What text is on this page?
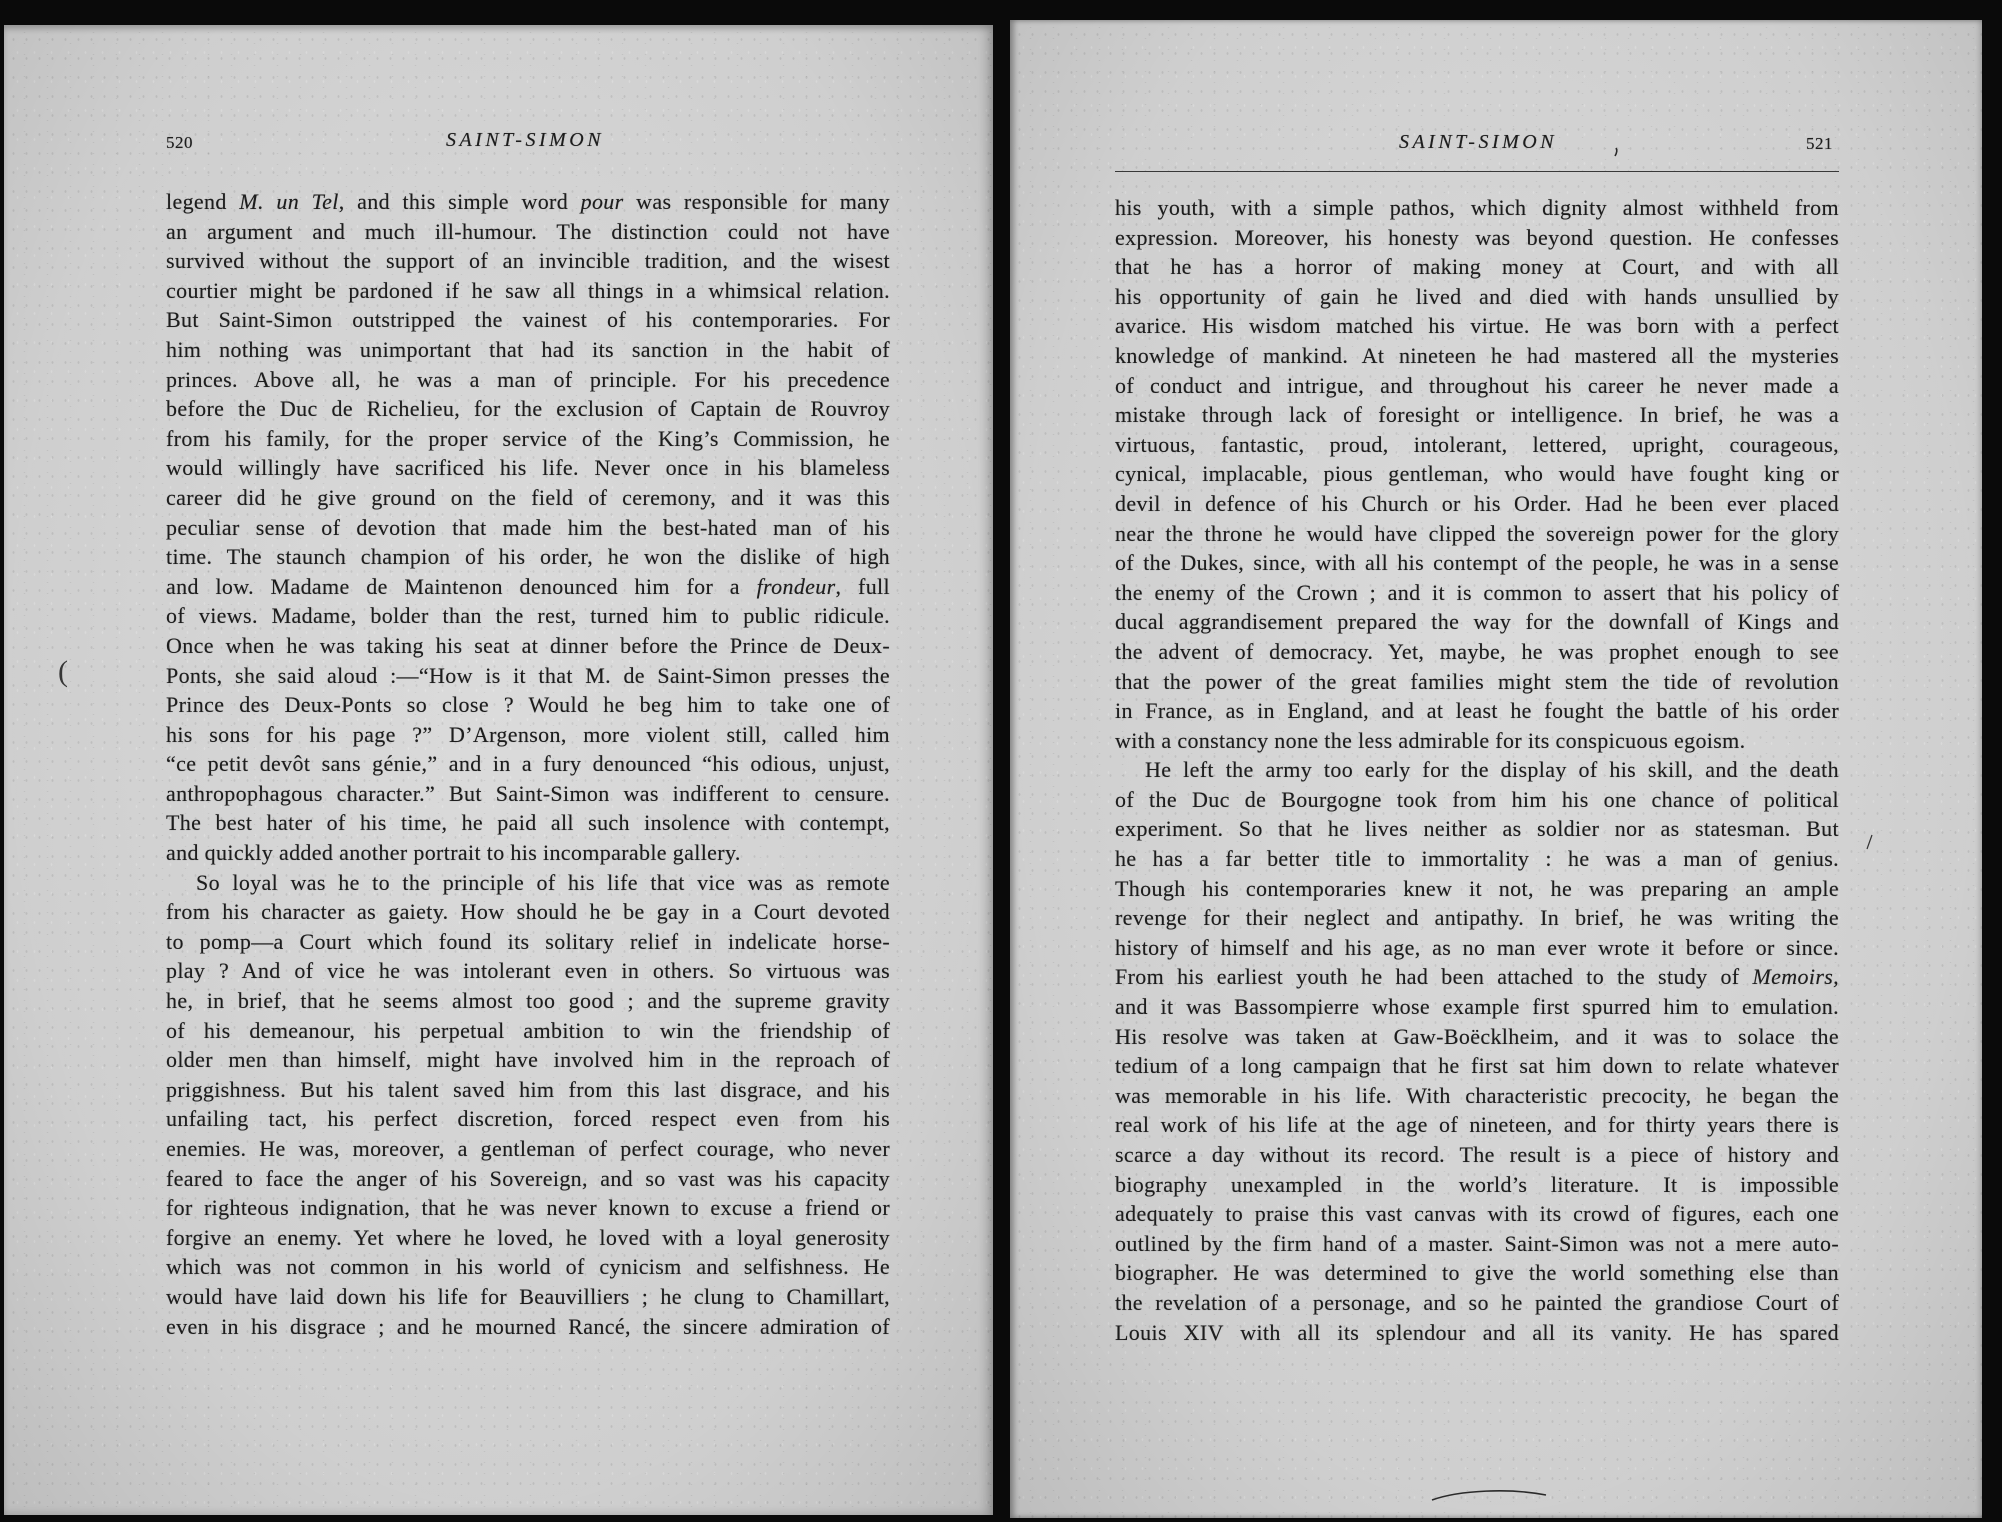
520	SAINT-SIMON
(
legend M. un Tel, and this simple word pour was responsible for many
an argument and much ill-humour. The distinction could not have
survived without the support of an invincible tradition, and the wisest
courtier might be pardoned if he saw all things in a whimsical relation.
But Saint-Simon outstripped the vainest of his contemporaries. For
him nothing was unimportant that had its sanction in the habit of
princes. Above all, he was a man of principle. For his precedence
before the Duc de Richelieu, for the exclusion of Captain de Rouvroy
from his family, for the proper service of the King’s Commission, he
would willingly have sacrificed his life. Never once in his blameless
career did he give ground on the field of ceremony, and it was this
peculiar sense of devotion that made him the best-hated man of his
time. The staunch champion of his order, he won the dislike of high
and low. Madame de Maintenon denounced him for a frondeur, full
of views. Madame, bolder than the rest, turned him to public ridicule.
Once when he was taking his seat at dinner before the Prince de Deux-
Ponts, she said aloud :—“How is it that M. de Saint-Simon presses the
Prince des Deux-Ponts so close ? Would he beg him to take one of
his sons for his page ?” D’Argenson, more violent still, called him
“ce petit devôt sans génie,” and in a fury denounced “his odious, unjust,
anthropophagous character.” But Saint-Simon was indifferent to censure.
The best hater of his time, he paid all such insolence with contempt,
and quickly added another portrait to his incomparable gallery.
So loyal was he to the principle of his life that vice was as remote
from his character as gaiety. How should he be gay in a Court devoted
to pomp—a Court which found its solitary relief in indelicate horse-
play ? And of vice he was intolerant even in others. So virtuous was
he, in brief, that he seems almost too good ; and the supreme gravity
of his demeanour, his perpetual ambition to win the friendship of
older men than himself, might have involved him in the reproach of
priggishness. But his talent saved him from this last disgrace, and his
unfailing tact, his perfect discretion, forced respect even from his
enemies. He was, moreover, a gentleman of perfect courage, who never
feared to face the anger of his Sovereign, and so vast was his capacity
for righteous indignation, that he was never known to excuse a friend or
forgive an enemy. Yet where he loved, he loved with a loyal generosity
which was not common in his world of cynicism and selfishness. He
would have laid down his life for Beauvilliers ; he clung to Chamillart,
even in his disgrace ; and he mourned Rancé, the sincere admiration of
SAINT-SIMON	521
his youth, with a simple pathos, which dignity almost withheld from
expression. Moreover, his honesty was beyond question. He confesses
that he has a horror of making money at Court, and with all
his opportunity of gain he lived and died with hands unsullied by
avarice. His wisdom matched his virtue. He was born with a perfect
knowledge of mankind. At nineteen he had mastered all the mysteries
of conduct and intrigue, and throughout his career he never made a
mistake through lack of foresight or intelligence. In brief, he was a
virtuous, fantastic, proud, intolerant, lettered, upright, courageous,
cynical, implacable, pious gentleman, who would have fought king or
devil in defence of his Church or his Order. Had he been ever placed
near the throne he would have clipped the sovereign power for the glory
of the Dukes, since, with all his contempt of the people, he was in a sense
the enemy of the Crown ; and it is common to assert that his policy of
ducal aggrandisement prepared the way for the downfall of Kings and
the advent of democracy. Yet, maybe, he was prophet enough to see
that the power of the great families might stem the tide of revolution
in France, as in England, and at least he fought the battle of his order
with a constancy none the less admirable for its conspicuous egoism.
He left the army too early for the display of his skill, and the death
of the Duc de Bourgogne took from him his one chance of political
experiment. So that he lives neither as soldier nor as statesman. But
he has a far better title to immortality : he was a man of genius.
Though his contemporaries knew it not, he was preparing an ample
revenge for their neglect and antipathy. In brief, he was writing the
history of himself and his age, as no man ever wrote it before or since.
From his earliest youth he had been attached to the study of Memoirs,
and it was Bassompierre whose example first spurred him to emulation.
His resolve was taken at Gaw-Boëcklheim, and it was to solace the
tedium of a long campaign that he first sat him down to relate whatever
was memorable in his life. With characteristic precocity, he began the
real work of his life at the age of nineteen, and for thirty years there is
scarce a day without its record. The result is a piece of history and
biography unexampled in the world’s literature. It is impossible
adequately to praise this vast canvas with its crowd of figures, each one
outlined by the firm hand of a master. Saint-Simon was not a mere auto-
biographer. He was determined to give the world something else than
the revelation of a personage, and so he painted the grandiose Court of
Louis XIV with all its splendour and all its vanity. He has spared
